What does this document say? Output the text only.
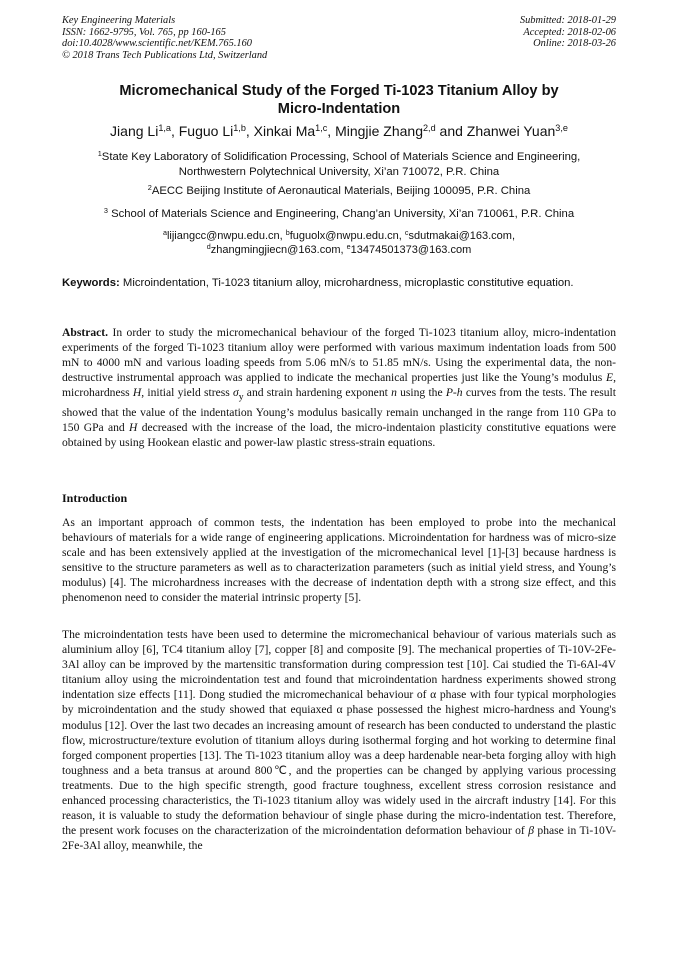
Key Engineering Materials
ISSN: 1662-9795, Vol. 765, pp 160-165
doi:10.4028/www.scientific.net/KEM.765.160
© 2018 Trans Tech Publications Ltd, Switzerland
Submitted: 2018-01-29
Accepted: 2018-02-06
Online: 2018-03-26
Micromechanical Study of the Forged Ti-1023 Titanium Alloy by
Micro-Indentation
Jiang Li$^{1,a}$, Fuguo Li$^{1,b}$, Xinkai Ma$^{1,c}$, Mingjie Zhang$^{2,d}$ and Zhanwei Yuan$^{3,e}$
$^1$State Key Laboratory of Solidification Processing, School of Materials Science and Engineering,
Northwestern Polytechnical University, Xi’an 710072, P.R. China
$^2$AECC Beijing Institute of Aeronautical Materials, Beijing 100095, P.R. China
$^3$ School of Materials Science and Engineering, Chang’an University, Xi’an 710061, P.R. China
$^a$lijiangcc@nwpu.edu.cn, $^b$fuguolx@nwpu.edu.cn, $^c$sdutmakai@163.com,
$^d$zhangmingjiecn@163.com, $^e$13474501373@163.com
Keywords: Microindentation, Ti-1023 titanium alloy, microhardness, microplastic constitutive equation.
Abstract. In order to study the micromechanical behaviour of the forged Ti-1023 titanium alloy, micro-indentation experiments of the forged Ti-1023 titanium alloy were performed with various maximum indentation loads from 500 mN to 4000 mN and various loading speeds from 5.06 mN/s to 51.85 mN/s. Using the experimental data, the non-destructive instrumental approach was applied to indicate the mechanical properties just like the Young’s modulus E, microhardness H, initial yield stress $\sigma_y$ and strain hardening exponent n using the P-h curves from the tests. The result showed that the value of the indentation Young’s modulus basically remain unchanged in the range from 110 GPa to 150 GPa and H decreased with the increase of the load, the micro-indentaion plasticity constitutive equations were obtained by using Hookean elastic and power-law plastic stress-strain equations.
Introduction
As an important approach of common tests, the indentation has been employed to probe into the mechanical behaviours of materials for a wide range of engineering applications. Microindentation for hardness was of micro-size scale and has been extensively applied at the investigation of the micromechanical level [1]-[3] because hardness is sensitive to the structure parameters as well as to characterization parameters (such as initial yield stress, and Young’s modulus) [4]. The microhardness increases with the decrease of indentation depth with a strong size effect, and this phenomenon need to consider the material intrinsic property [5].
The microindentation tests have been used to determine the micromechanical behaviour of various materials such as aluminium alloy [6], TC4 titanium alloy [7], copper [8] and composite [9]. The mechanical properties of Ti-10V-2Fe-3Al alloy can be improved by the martensitic transformation during compression test [10]. Cai studied the Ti-6Al-4V titanium alloy using the microindentation test and found that microindentation hardness experiments showed strong indentation size effects [11]. Dong studied the micromechanical behaviour of α phase with four typical morphologies by microindentation and the study showed that equiaxed α phase possessed the highest micro-hardness and Young's modulus [12]. Over the last two decades an increasing amount of research has been conducted to understand the plastic flow, microstructure/texture evolution of titanium alloys during isothermal forging and hot working to determine final forged component properties [13]. The Ti-1023 titanium alloy was a deep hardenable near-beta forging alloy with high toughness and a beta transus at around 800℃, and the properties can be changed by applying various processing treatments. Due to the high specific strength, good fracture toughness, excellent stress corrosion resistance and enhanced processing characteristics, the Ti-1023 titanium alloy was widely used in the aircraft industry [14]. For this reason, it is valuable to study the deformation behaviour of single phase during the micro-indentation test. Therefore, the present work focuses on the characterization of the microindentation deformation behaviour of β phase in Ti-10V-2Fe-3Al alloy, meanwhile, the
